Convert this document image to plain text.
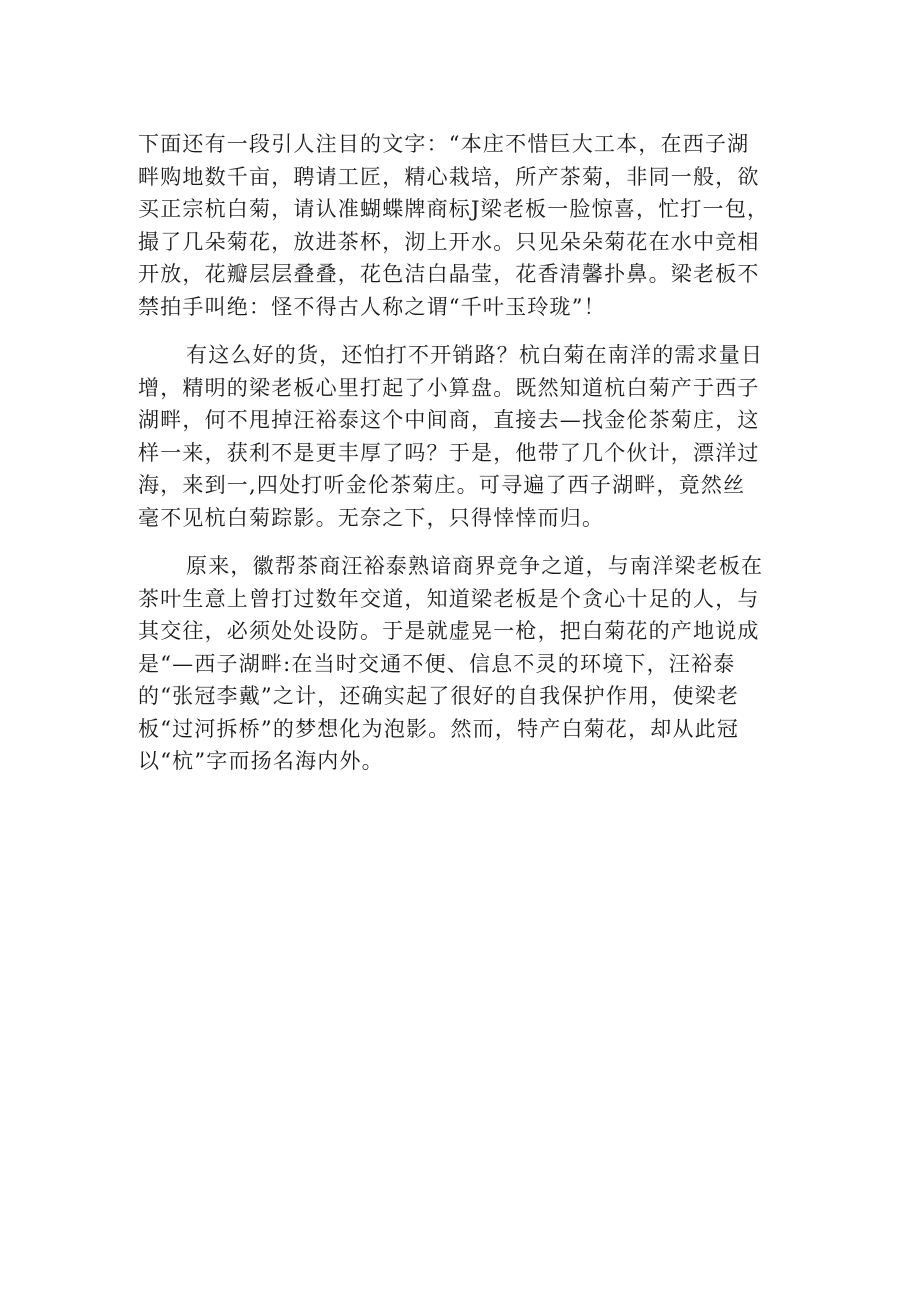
下面还有一段引人注目的文字：“本庄不惜巨大工本，在西子湖
畔购地数千亩，聘请工匠，精心栽培，所产茶菊，非同一般，欲
买正宗杭白菊，请认准蝴蝶牌商标J梁老板一脸惊喜，忙打一包，
撮了几朵菊花，放进茶杯，沏上开水。只见朵朵菊花在水中竞相
开放，花瓣层层叠叠，花色洁白晶莹，花香清馨扑鼻。梁老板不
禁拍手叫绝：怪不得古人称之谓“千叶玉玲珑”！

有这么好的货，还怕打不开销路？杭白菊在南洋的需求量日
增，精明的梁老板心里打起了小算盘。既然知道杭白菊产于西子
湖畔，何不甩掉汪裕泰这个中间商，直接去—找金伦茶菊庄，这
样一来，获利不是更丰厚了吗？于是，他带了几个伙计，漂洋过
海，来到一,四处打听金伦茶菊庄。可寻遍了西子湖畔，竟然丝
毫不见杭白菊踪影。无奈之下，只得悻悻而归。

原来，徽帮茶商汪裕泰熟谙商界竞争之道，与南洋梁老板在
茶叶生意上曾打过数年交道，知道梁老板是个贪心十足的人，与
其交往，必须处处设防。于是就虚晃一枪，把白菊花的产地说成
是“—西子湖畔:在当时交通不便、信息不灵的环境下，汪裕泰
的“张冠李戴”之计，还确实起了很好的自我保护作用，使梁老
板“过河拆桥”的梦想化为泡影。然而，特产白菊花，却从此冠
以“杭”字而扬名海内外。
